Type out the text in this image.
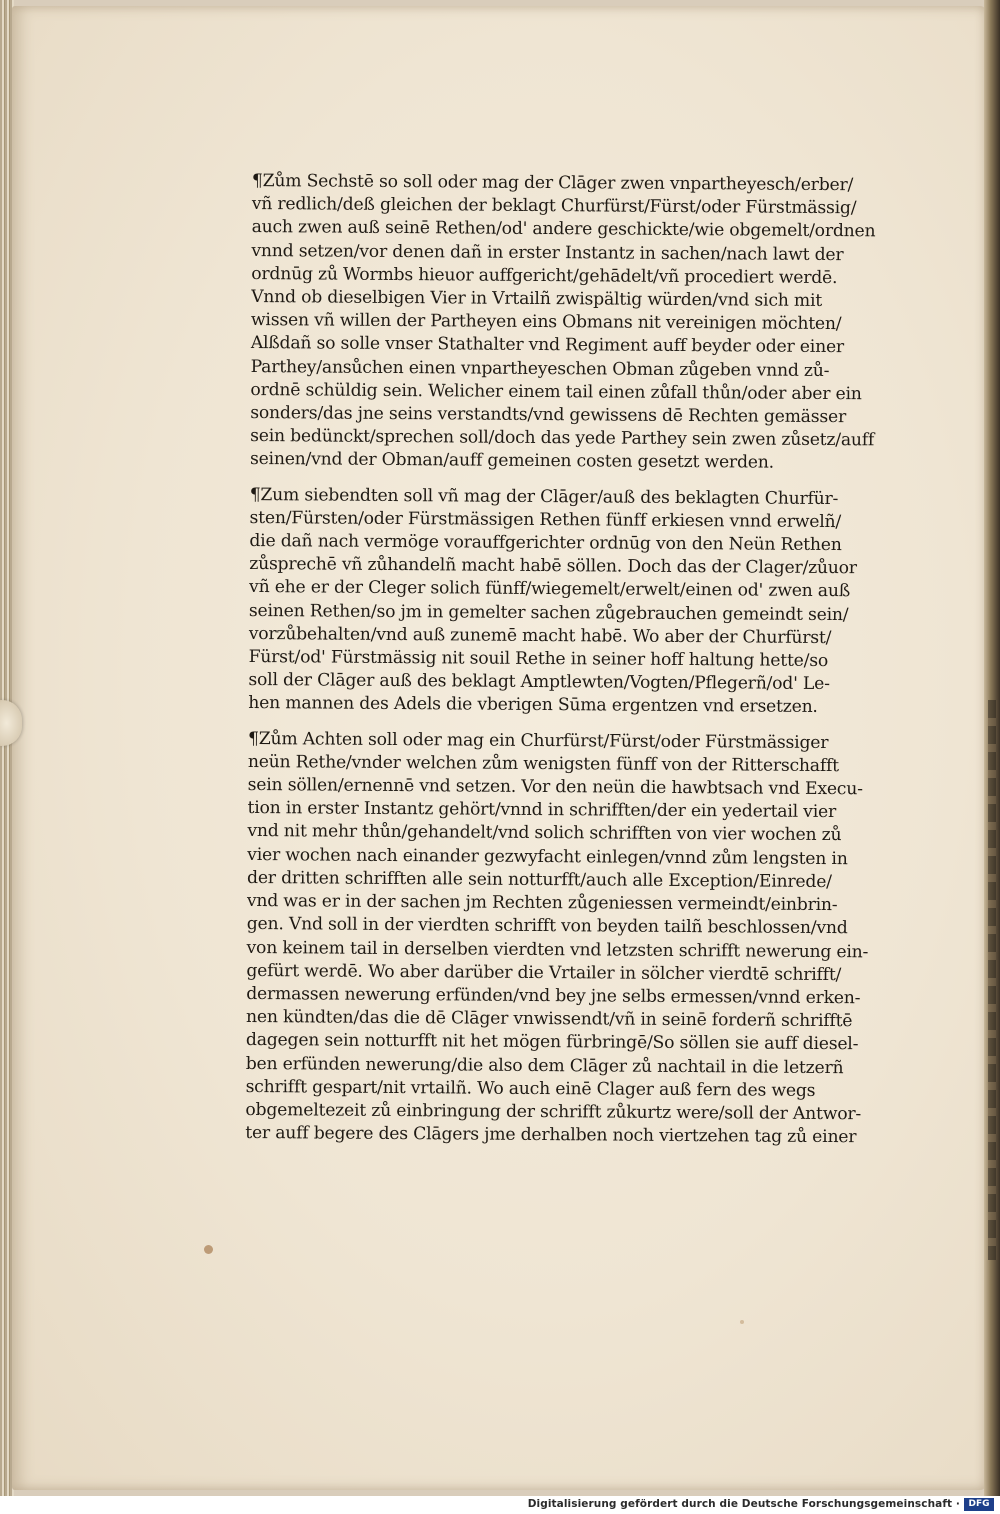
¶Zům Sechstē so soll oder mag der Clāger zwen vnpartheyesch/erber/
vñ redlich/deß gleichen der beklagt Churfürst/Fürst/oder Fürstmässig/
auch zwen auß seinē Rethen/od' andere geschickte/wie obgemelt/ordnen
vnnd setzen/vor denen dañ in erster Instantz in sachen/nach lawt der
ordnūg zů Wormbs hieuor auffgericht/gehādelt/vñ procediert werdē.
Vnnd ob dieselbigen Vier in Vrtailñ zwispältig würden/vnd sich mit
wissen vñ willen der Partheyen eins Obmans nit vereinigen möchten/
Alßdañ so solle vnser Stathalter vnd Regiment auff beyder oder einer
Parthey/ansůchen einen vnpartheyeschen Obman zůgeben vnnd zů-
ordnē schüldig sein. Welicher einem tail einen zůfall thůn/oder aber ein
sonders/das jne seins verstandts/vnd gewissens dē Rechten gemässer
sein bedünckt/sprechen soll/doch das yede Parthey sein zwen zůsetz/auff
seinen/vnd der Obman/auff gemeinen costen gesetzt werden.
¶Zum siebendten soll vñ mag der Clāger/auß des beklagten Churfür-
sten/Fürsten/oder Fürstmässigen Rethen fünff erkiesen vnnd erwelñ/
die dañ nach vermöge vorauffgerichter ordnūg von den Neün Rethen
zůsprechē vñ zůhandelñ macht habē söllen. Doch das der Clager/zůuor
vñ ehe er der Cleger solich fünff/wiegemelt/erwelt/einen od' zwen auß
seinen Rethen/so jm in gemelter sachen zůgebrauchen gemeindt sein/
vorzůbehalten/vnd auß zunemē macht habē. Wo aber der Churfürst/
Fürst/od' Fürstmässig nit souil Rethe in seiner hoff haltung hette/so
soll der Clāger auß des beklagt Amptlewten/Vogten/Pflegerñ/od' Le-
hen mannen des Adels die vberigen Sūma ergentzen vnd ersetzen.
¶Zům Achten soll oder mag ein Churfürst/Fürst/oder Fürstmässiger
neün Rethe/vnder welchen zům wenigsten fünff von der Ritterschafft
sein söllen/ernennē vnd setzen. Vor den neün die hawbtsach vnd Execu-
tion in erster Instantz gehört/vnnd in schrifften/der ein yedertail vier
vnd nit mehr thůn/gehandelt/vnd solich schrifften von vier wochen zů
vier wochen nach einander gezwyfacht einlegen/vnnd zům lengsten in
der dritten schrifften alle sein notturfft/auch alle Exception/Einrede/
vnd was er in der sachen jm Rechten zůgeniessen vermeindt/einbrin-
gen. Vnd soll in der vierdten schrifft von beyden tailñ beschlossen/vnd
von keinem tail in derselben vierdten vnd letzsten schrifft newerung ein-
gefürt werdē. Wo aber darüber die Vrtailer in sölcher vierdtē schrifft/
dermassen newerung erfünden/vnd bey jne selbs ermessen/vnnd erken-
nen kündten/das die dē Clāger vnwissendt/vñ in seinē forderñ schrifftē
dagegen sein notturfft nit het mögen fürbringē/So söllen sie auff diesel-
ben erfünden newerung/die also dem Clāger zů nachtail in die letzerñ
schrifft gespart/nit vrtailñ. Wo auch einē Clager auß fern des wegs
obgemeltezeit zů einbringung der schrifft zůkurtz were/soll der Antwor-
ter auff begere des Clāgers jme derhalben noch viertzehen tag zů einer
Digitalisierung gefördert durch die Deutsche Forschungsgemeinschaft · DFG
